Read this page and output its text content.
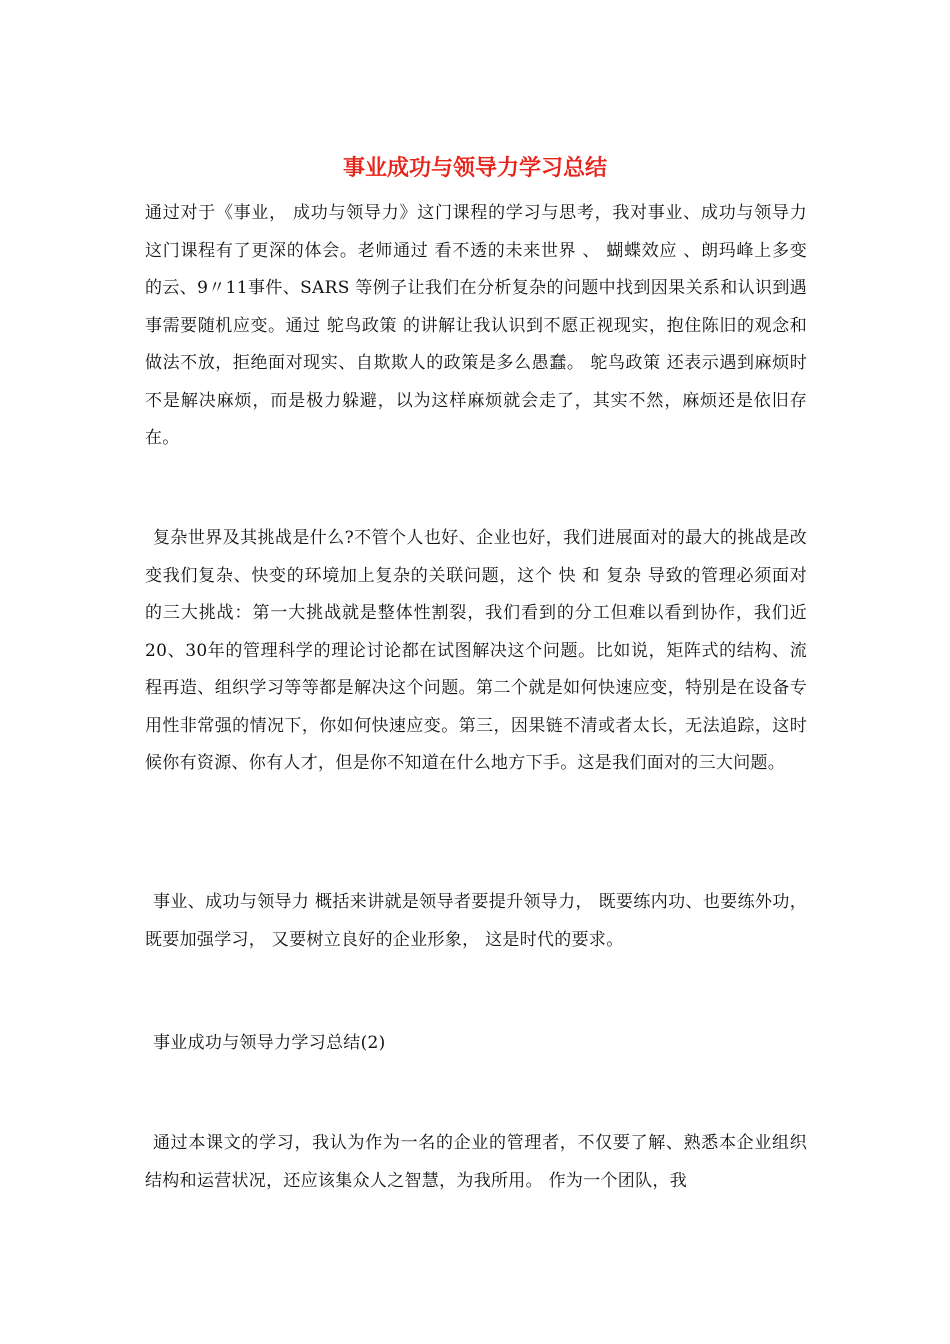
事业成功与领导力学习总结

通过对于《事业， 成功与领导力》这门课程的学习与思考，我对事业、成功与领导力这门课程有了更深的体会。老师通过 看不透的未来世界 、 蝴蝶效应 、朗玛峰上多变的云、9〃11事件、SARS 等例子让我们在分析复杂的问题中找到因果关系和认识到遇事需要随机应变。通过 鸵鸟政策 的讲解让我认识到不愿正视现实，抱住陈旧的观念和做法不放，拒绝面对现实、自欺欺人的政策是多么愚蠢。 鸵鸟政策 还表示遇到麻烦时不是解决麻烦，而是极力躲避，以为这样麻烦就会走了，其实不然，麻烦还是依旧存在。

复杂世界及其挑战是什么?不管个人也好、企业也好，我们进展面对的最大的挑战是改变我们复杂、快变的环境加上复杂的关联问题，这个 快 和 复杂 导致的管理必须面对的三大挑战：第一大挑战就是整体性割裂，我们看到的分工但难以看到协作，我们近20、30年的管理科学的理论讨论都在试图解决这个问题。比如说，矩阵式的结构、流程再造、组织学习等等都是解决这个问题。第二个就是如何快速应变，特别是在设备专用性非常强的情况下，你如何快速应变。第三，因果链不清或者太长，无法追踪，这时候你有资源、你有人才，但是你不知道在什么地方下手。这是我们面对的三大问题。

事业、成功与领导力 概括来讲就是领导者要提升领导力， 既要练内功、也要练外功， 既要加强学习， 又要树立良好的企业形象， 这是时代的要求。

事业成功与领导力学习总结(2)

通过本课文的学习，我认为作为一名的企业的管理者，不仅要了解、熟悉本企业组织结构和运营状况，还应该集众人之智慧，为我所用。 作为一个团队，我
